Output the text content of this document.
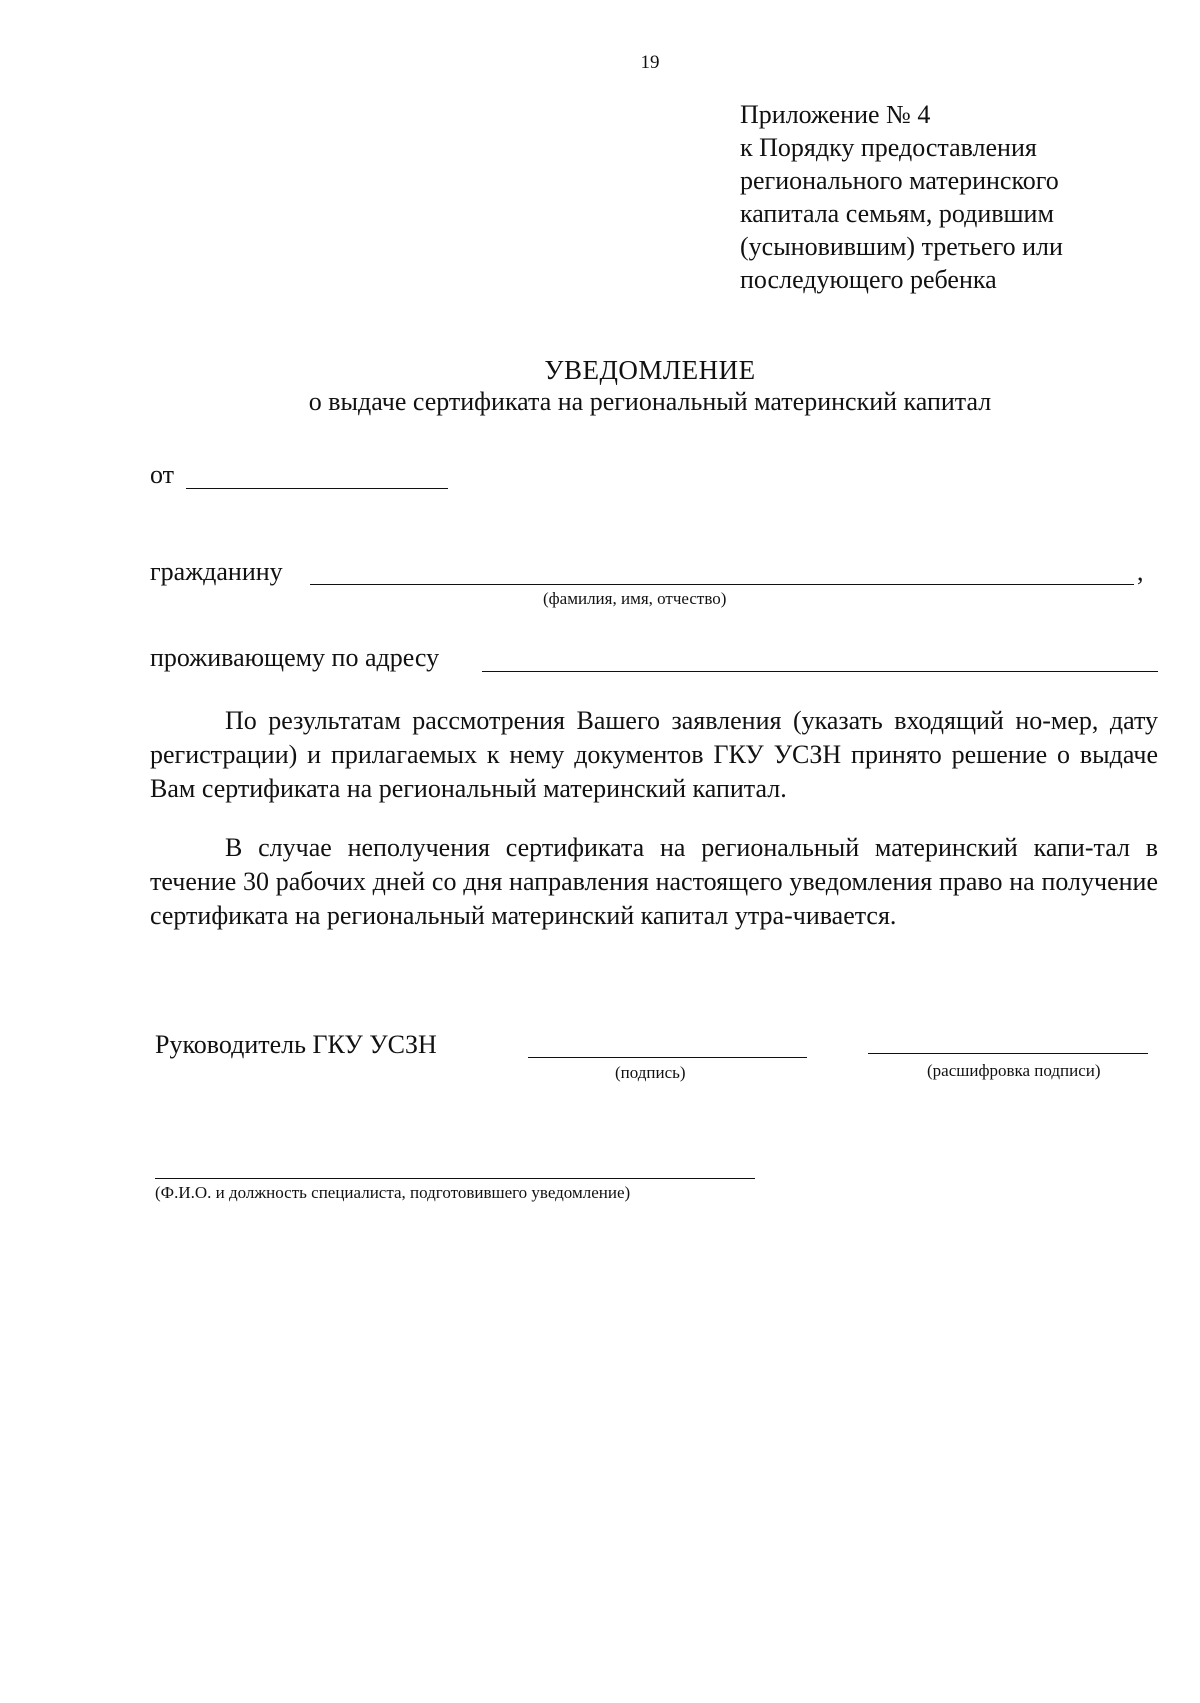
19
Приложение № 4
к Порядку предоставления
регионального материнского
капитала семьям, родившим
(усыновившим) третьего или
последующего ребенка
УВЕДОМЛЕНИЕ
о выдаче сертификата на региональный материнский капитал
от
гражданину	,
(фамилия, имя, отчество)
проживающему по адресу
По результатам рассмотрения Вашего заявления (указать входящий но-мер, дату регистрации) и прилагаемых к нему документов ГКУ УСЗН принято решение о выдаче Вам сертификата на региональный материнский капитал.
В случае неполучения сертификата на региональный материнский капи-тал в течение 30 рабочих дней со дня направления настоящего уведомления право на получение сертификата на региональный материнский капитал утра-чивается.
Руководитель ГКУ УСЗН
(подпись)	(расшифровка подписи)
(Ф.И.О. и должность специалиста, подготовившего уведомление)
